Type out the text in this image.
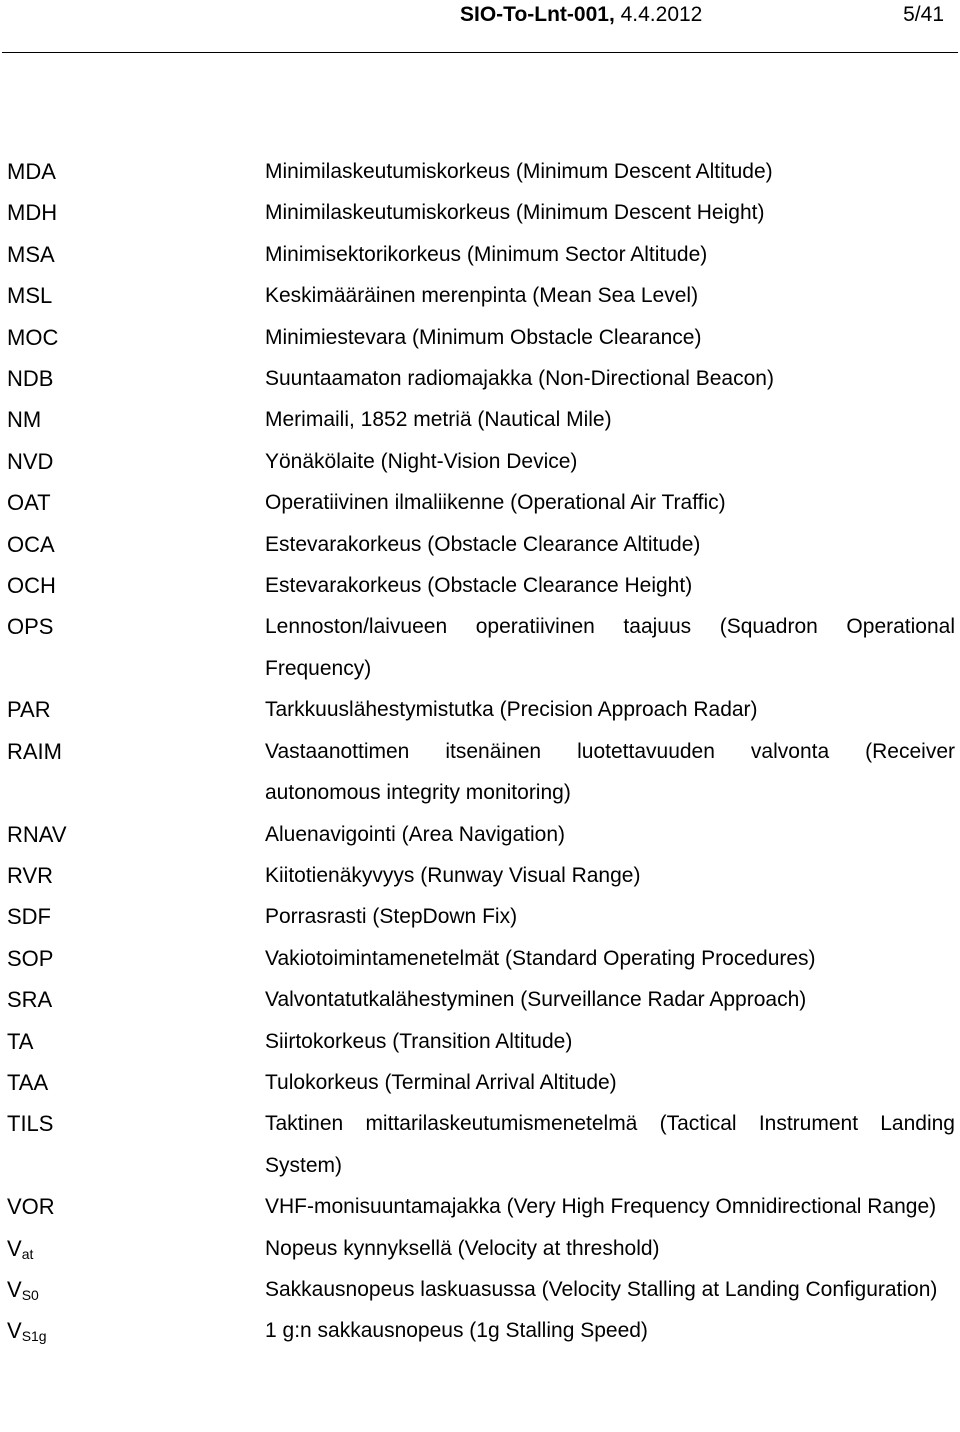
SIO-To-Lnt-001, 4.4.2012	5/41
MDA	Minimilaskeutumiskorkeus (Minimum Descent Altitude)
MDH	Minimilaskeutumiskorkeus (Minimum Descent Height)
MSA	Minimisektorikorkeus (Minimum Sector Altitude)
MSL	Keskimääräinen merenpinta (Mean Sea Level)
MOC	Minimiestevara (Minimum Obstacle Clearance)
NDB	Suuntaamaton radiomajakka (Non-Directional Beacon)
NM	Merimaili, 1852 metriä (Nautical Mile)
NVD	Yönäkölaite (Night-Vision Device)
OAT	Operatiivinen ilmaliikenne (Operational Air Traffic)
OCA	Estevarakorkeus (Obstacle Clearance Altitude)
OCH	Estevarakorkeus (Obstacle Clearance Height)
OPS	Lennoston/laivueen operatiivinen taajuus (Squadron Operational Frequency)
PAR	Tarkkuuslähestymistutka (Precision Approach Radar)
RAIM	Vastaanottimen itsenäinen luotettavuuden valvonta (Receiver autonomous integrity monitoring)
RNAV	Aluenavigointi (Area Navigation)
RVR	Kiitotienäkyvyys (Runway Visual Range)
SDF	Porrasrasti (StepDown Fix)
SOP	Vakiotoimintamenetelmät (Standard Operating Procedures)
SRA	Valvontatutkalähestyminen (Surveillance Radar Approach)
TA	Siirtokorkeus (Transition Altitude)
TAA	Tulokorkeus (Terminal Arrival Altitude)
TILS	Taktinen mittarilaskeutumismenetelmä (Tactical Instrument Landing System)
VOR	VHF-monisuuntamajakka (Very High Frequency Omnidirectional Range)
$V_{at}$	Nopeus kynnyksellä (Velocity at threshold)
$V_{S0}$	Sakkausnopeus laskuasussa (Velocity Stalling at Landing Configuration)
$V_{S1g}$	1 g:n sakkausnopeus (1g Stalling Speed)
